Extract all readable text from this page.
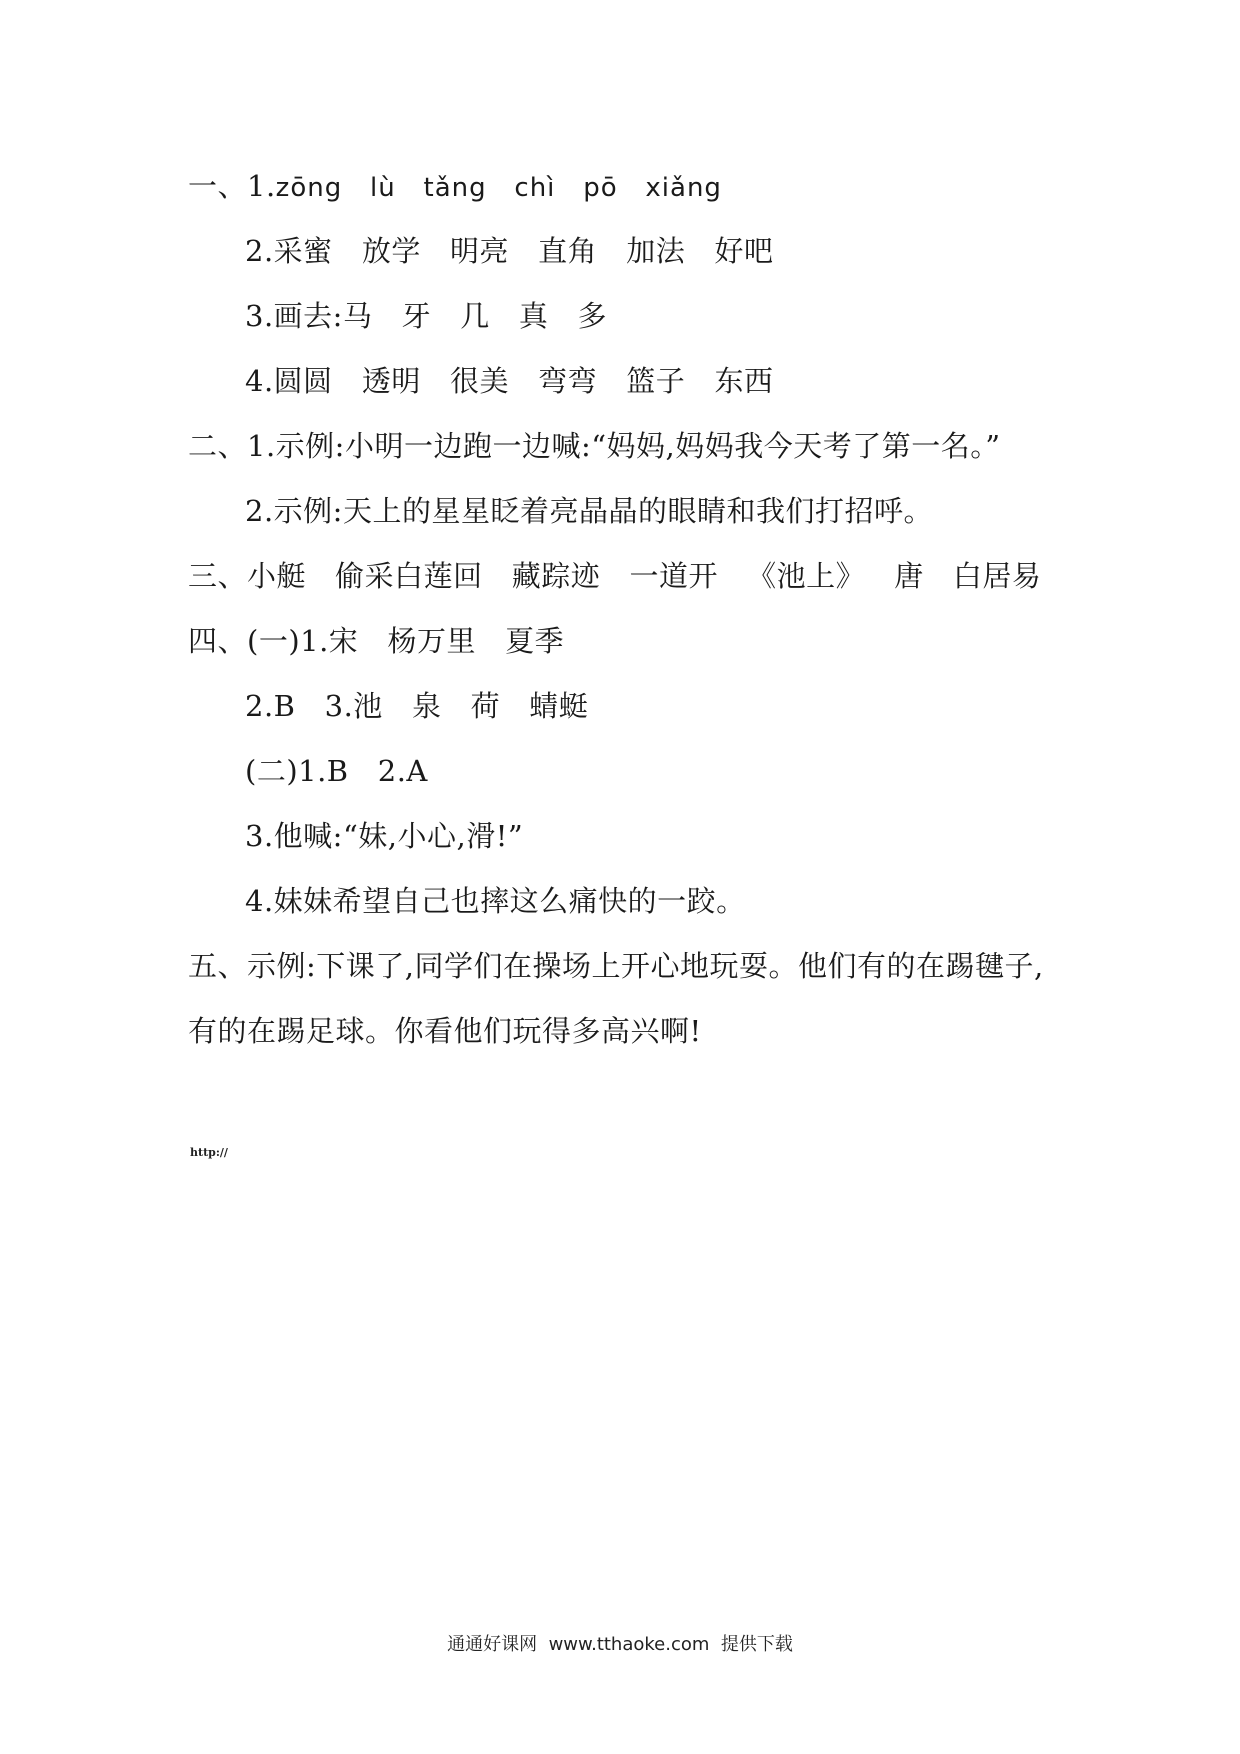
一、1.zōng   lù   tǎng   chì   pō   xiǎng
2.采蜜   放学   明亮   直角   加法   好吧
3.画去:马   牙   几   真   多
4.圆圆   透明   很美   弯弯   篮子   东西
二、1.示例:小明一边跑一边喊:“妈妈,妈妈我今天考了第一名。”
2.示例:天上的星星眨着亮晶晶的眼睛和我们打招呼。
三、小艇   偷采白莲回   藏踪迹   一道开   《池上》   唐   白居易
四、(一)1.宋   杨万里   夏季
2.B   3.池   泉   荷   蜻蜓
(二)1.B   2.A
3.他喊:“妹,小心,滑!”
4.妹妹希望自己也摔这么痛快的一跤。
五、示例:下课了,同学们在操场上开心地玩耍。他们有的在踢毽子,
有的在踢足球。你看他们玩得多高兴啊!
http://
通通好课网  www.tthaoke.com  提供下载
